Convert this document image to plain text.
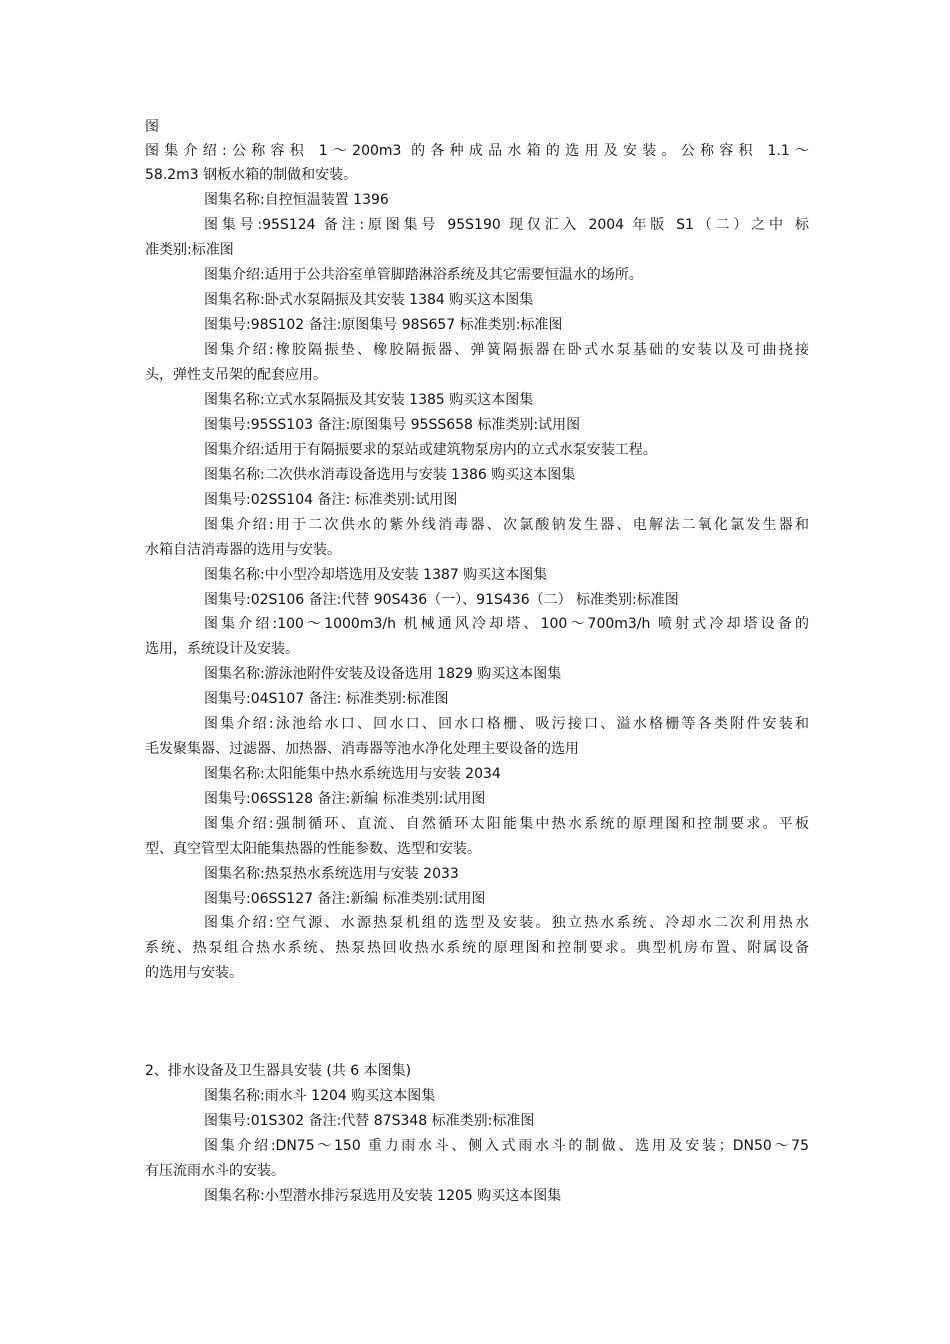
图
图集介绍:公称容积 1～200m3 的各种成品水箱的选用及安装。公称容积 1.1～
58.2m3 钢板水箱的制做和安装。
图集名称:自控恒温装置 1396
图集号:95S124 备注:原图集号 95S190 现仅汇入 2004 年版 S1（二）之中 标
准类别:标准图
图集介绍:适用于公共浴室单管脚踏淋浴系统及其它需要恒温水的场所。
图集名称:卧式水泵隔振及其安装 1384 购买这本图集
图集号:98S102 备注:原图集号 98S657 标准类别:标准图
图集介绍:橡胶隔振垫、橡胶隔振器、弹簧隔振器在卧式水泵基础的安装以及可曲挠接
头，弹性支吊架的配套应用。
图集名称:立式水泵隔振及其安装 1385 购买这本图集
图集号:95SS103 备注:原图集号 95SS658 标准类别:试用图
图集介绍:适用于有隔振要求的泵站或建筑物泵房内的立式水泵安装工程。
图集名称:二次供水消毒设备选用与安装 1386 购买这本图集
图集号:02SS104 备注: 标准类别:试用图
图集介绍:用于二次供水的紫外线消毒器、次氯酸钠发生器、电解法二氧化氯发生器和
水箱自洁消毒器的选用与安装。
图集名称:中小型冷却塔选用及安装 1387 购买这本图集
图集号:02S106 备注:代替 90S436（一）、91S436（二） 标准类别:标准图
图集介绍:100～1000m3/h 机械通风冷却塔、100～700m3/h 喷射式冷却塔设备的
选用，系统设计及安装。
图集名称:游泳池附件安装及设备选用 1829 购买这本图集
图集号:04S107 备注: 标准类别:标准图
图集介绍:泳池给水口、回水口、回水口格栅、吸污接口、溢水格栅等各类附件安装和
毛发聚集器、过滤器、加热器、消毒器等池水净化处理主要设备的选用
图集名称:太阳能集中热水系统选用与安装 2034
图集号:06SS128 备注:新编 标准类别:试用图
图集介绍:强制循环、直流、自然循环太阳能集中热水系统的原理图和控制要求。平板
型、真空管型太阳能集热器的性能参数、选型和安装。
图集名称:热泵热水系统选用与安装 2033
图集号:06SS127 备注:新编 标准类别:试用图
图集介绍:空气源、水源热泵机组的选型及安装。独立热水系统、冷却水二次利用热水
系统、热泵组合热水系统、热泵热回收热水系统的原理图和控制要求。典型机房布置、附属设备
的选用与安装。
2、排水设备及卫生器具安装 (共 6 本图集)
图集名称:雨水斗 1204 购买这本图集
图集号:01S302 备注:代替 87S348 标准类别:标准图
图集介绍:DN75～150 重力雨水斗、侧入式雨水斗的制做、选用及安装；DN50～75
有压流雨水斗的安装。
图集名称:小型潜水排污泵选用及安装 1205 购买这本图集
